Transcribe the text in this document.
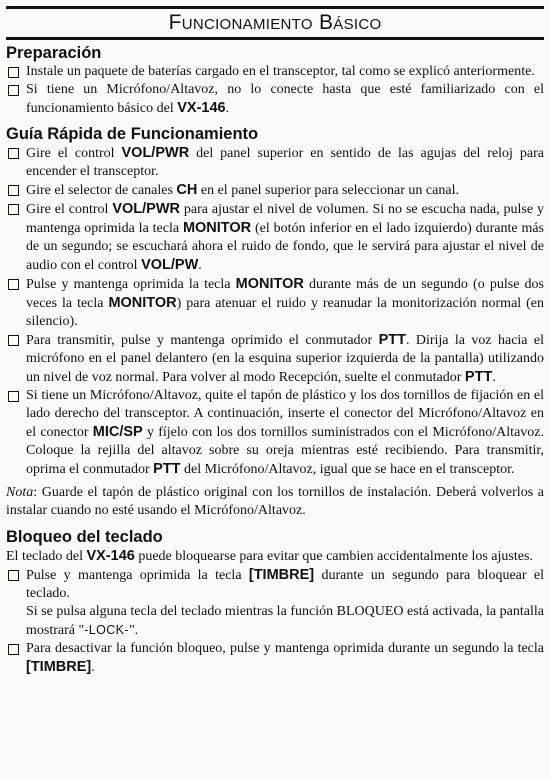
Funcionamiento Básico
Preparación
Instale un paquete de baterías cargado en el transceptor, tal como se explicó anteriormente.
Si tiene un Micrófono/Altavoz, no lo conecte hasta que esté familiarizado con el funcionamiento básico del VX-146.
Guía Rápida de Funcionamiento
Gire el control VOL/PWR del panel superior en sentido de las agujas del reloj para encender el transceptor.
Gire el selector de canales CH en el panel superior para seleccionar un canal.
Gire el control VOL/PWR para ajustar el nivel de volumen. Si no se escucha nada, pulse y mantenga oprimida la tecla MONITOR (el botón inferior en el lado izquierdo) durante más de un segundo; se escuchará ahora el ruido de fondo, que le servirá para ajustar el nivel de audio con el control VOL/PW.
Pulse y mantenga oprimida la tecla MONITOR durante más de un segundo (o pulse dos veces la tecla MONITOR) para atenuar el ruido y reanudar la monitorización normal (en silencio).
Para transmitir, pulse y mantenga oprimido el conmutador PTT. Dirija la voz hacia el micrófono en el panel delantero (en la esquina superior izquierda de la pantalla) utilizando un nivel de voz normal. Para volver al modo Recepción, suelte el conmutador PTT.
Si tiene un Micrófono/Altavoz, quite el tapón de plástico y los dos tornillos de fijación en el lado derecho del transceptor. A continuación, inserte el conector del Micrófono/Altavoz en el conector MIC/SP y fíjelo con los dos tornillos suministrados con el Micrófono/Altavoz. Coloque la rejilla del altavoz sobre su oreja mientras esté recibiendo. Para transmitir, oprima el conmutador PTT del Micrófono/Altavoz, igual que se hace en el transceptor.
Nota: Guarde el tapón de plástico original con los tornillos de instalación. Deberá volverlos a instalar cuando no esté usando el Micrófono/Altavoz.
Bloqueo del teclado
El teclado del VX-146 puede bloquearse para evitar que cambien accidentalmente los ajustes.
Pulse y mantenga oprimida la tecla [TIMBRE] durante un segundo para bloquear el teclado.
Si se pulsa alguna tecla del teclado mientras la función BLOQUEO está activada, la pantalla mostrará "-LOCK-".
Para desactivar la función bloqueo, pulse y mantenga oprimida durante un segundo la tecla [TIMBRE].
